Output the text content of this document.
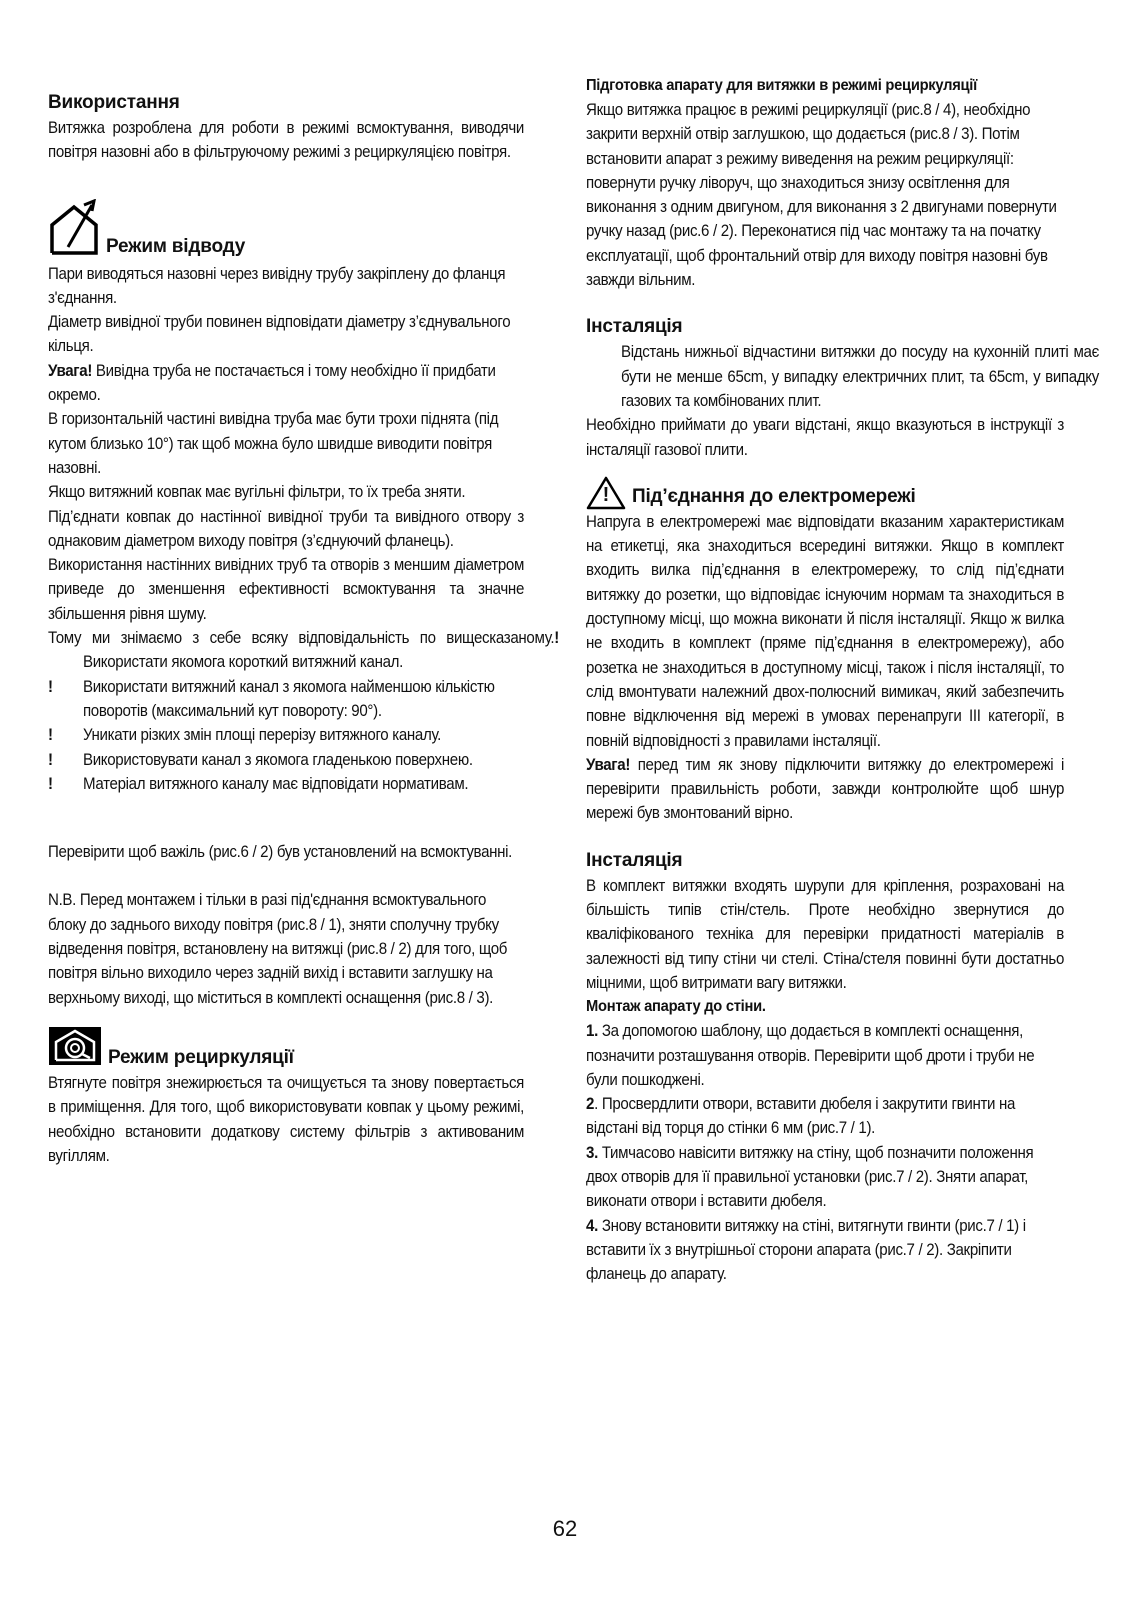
Використання

Витяжка розроблена для роботи в режимі всмоктування, виводячи повітря назовні або в фільтруючому режимі з рециркуляцією повітря.

Режим відводу

Пари виводяться назовні через вивідну трубу закріплену до фланця з'єднання.

Діаметр вивідної труби повинен відповідати діаметру з’єднувального кільця.

Увага! Вивідна труба не постачається і тому необхідно її придбати окремо.

В горизонтальній частині вивідна труба має бути трохи піднята (під кутом близько 10°) так щоб можна було швидше виводити повітря назовні.

Якщо витяжний ковпак має вугільні фільтри, то їх треба зняти.

Під’єднати ковпак до настінної вивідної труби та вивідного отвору з однаковим діаметром виходу повітря (з’єднуючий фланець).

Використання настінних вивідних труб та отворів з меншим діаметром приведе до зменшення ефективності всмоктування та значне збільшення рівня шуму.

Тому ми знімаємо з себе всяку відповідальність по вищесказаному.! Використати якомога короткий витяжний канал.

! Використати витяжний канал з якомога найменшою кількістю поворотів (максимальний кут повороту: 90°).
! Уникати різких змін площі перерізу витяжного каналу.
! Використовувати канал з якомога гладенькою поверхнею.
! Матеріал витяжного каналу має відповідати нормативам.

Перевірити щоб важіль (рис.6 / 2) був установлений на всмоктуванні.

N.B. Перед монтажем і тільки в разі під'єднання всмоктувального блоку до заднього виходу повітря (рис.8 / 1), зняти сполучну трубку відведення повітря, встановлену на витяжці (рис.8 / 2) для того, щоб повітря вільно виходило через задній вихід і вставити заглушку на верхньому виході, що міститься в комплекті оснащення (рис.8 / 3).

Режим рециркуляції

Втягнуте повітря знежирюється та очищується та знову повертається в приміщення. Для того, щоб використовувати ковпак у цьому режимі, необхідно встановити додаткову систему фільтрів з активованим вугіллям.

Підготовка апарату для витяжки в режимі рециркуляції

Якщо витяжка працює в режимі рециркуляції (рис.8 / 4), необхідно закрити верхній отвір заглушкою, що додається (рис.8 / 3). Потім встановити апарат з режиму виведення на режим рециркуляції: повернути ручку ліворуч, що знаходиться знизу освітлення для виконання з одним двигуном, для виконання з 2 двигунами повернути ручку назад (рис.6 / 2). Переконатися під час монтажу та на початку експлуатації, щоб фронтальний отвір для виходу повітря назовні був завжди вільним.

Інсталяція

Відстань нижньої відчастини витяжки до посуду на кухонній плиті має бути не менше 65cm, у випадку електричних плит, та 65cm, у випадку газових та комбінованих плит.

Необхідно приймати до уваги відстані, якщо вказуються в інструкції з інсталяції газової плити.

!	Під’єднання до електромережі

Напруга в електромережі має відповідати вказаним характеристикам на етикетці, яка знаходиться всередині витяжки. Якщо в комплект входить вилка під’єднання в електромережу, то слід під’єднати витяжку до розетки, що відповідає існуючим нормам та знаходиться в доступному місці, що можна виконати й після інсталяції. Якщо ж вилка не входить в комплект (пряме під’єднання в електромережу), або розетка не знаходиться в доступному місці, також і після інсталяції, то слід вмонтувати належний двох-полюсний вимикач, який забезпечить повне відключення від мережі в умовах перенапруги III категорії, в повній відповідності з правилами інсталяції.

Увага! перед тим як знову підключити витяжку до електромережі і перевірити правильність роботи, завжди контролюйте щоб шнур мережі був змонтований вірно.

Інсталяція

В комплект витяжки входять шурупи для кріплення, розраховані на більшість типів стін/стель. Проте необхідно звернутися до кваліфікованого техніка для перевірки придатності матеріалів в залежності від типу стіни чи стелі. Стіна/стеля повинні бути достатньо міцними, щоб витримати вагу витяжки.

Монтаж апарату до стіни.

1. За допомогою шаблону, що додається в комплекті оснащення, позначити розташування отворів. Перевірити щоб дроти і труби не були пошкоджені.

2. Просвердлити отвори, вставити дюбеля і закрутити гвинти на відстані від торця до стінки 6 мм (рис.7 / 1).

3. Тимчасово навісити витяжку на стіну, щоб позначити положення двох отворів для її правильної установки (рис.7 / 2). Зняти апарат, виконати отвори і вставити дюбеля.

4. Знову встановити витяжку на стіні, витягнути гвинти (рис.7 / 1) і вставити їх з внутрішньої сторони апарата (рис.7 / 2). Закріпити фланець до апарату.

62
